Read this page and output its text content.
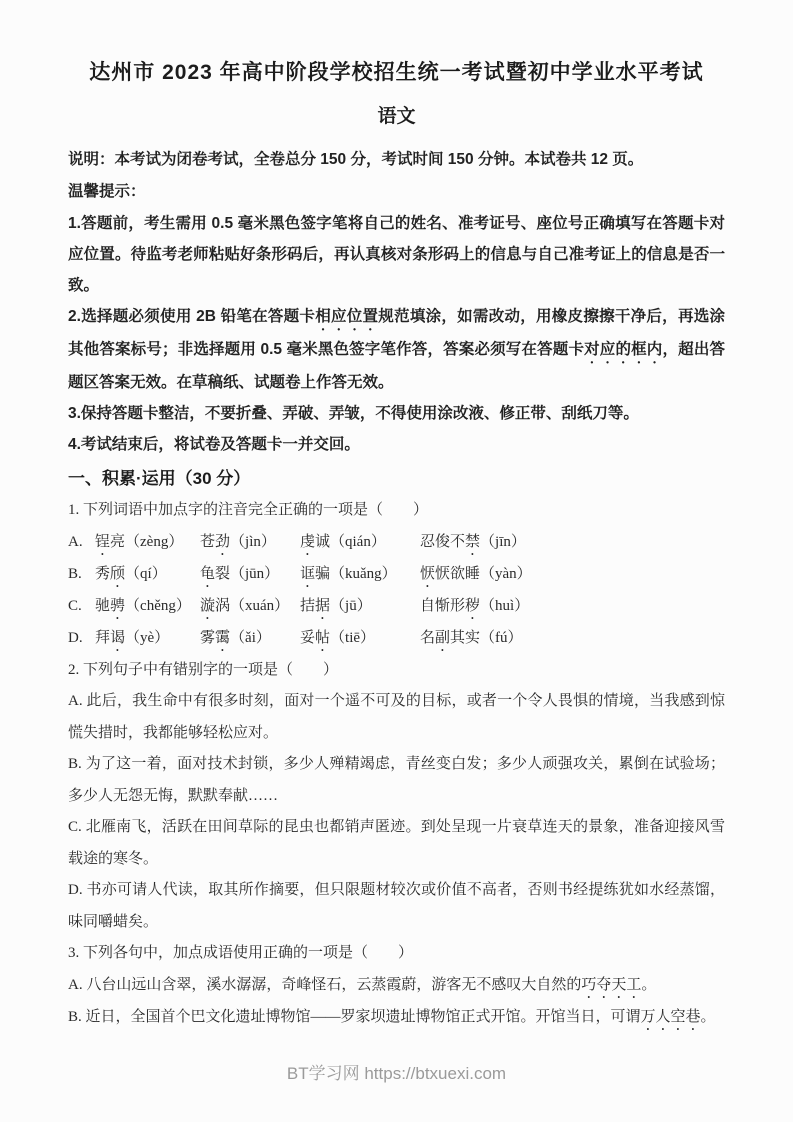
达州市 2023 年高中阶段学校招生统一考试暨初中学业水平考试
语文

说明：本考试为闭卷考试，全卷总分 150 分，考试时间 150 分钟。本试卷共 12 页。

温馨提示：

1.答题前，考生需用 0.5 毫米黑色签字笔将自己的姓名、准考证号、座位号正确填写在答题卡对应位置。待监考老师粘贴好条形码后，再认真核对条形码上的信息与自己准考证上的信息是否一致。

2.选择题必须使用 2B 铅笔在答题卡相应位置规范填涂，如需改动，用橡皮擦擦干净后，再选涂其他答案标号；非选择题用 0.5 毫米黑色签字笔作答，答案必须写在答题卡对应的框内，超出答题区答案无效。在草稿纸、试题卷上作答无效。

3.保持答题卡整洁，不要折叠、弄破、弄皱，不得使用涂改液、修正带、刮纸刀等。

4.考试结束后，将试卷及答题卡一并交回。

一、积累·运用（30 分）

1. 下列词语中加点字的注音完全正确的一项是（　　）

A. 锃亮（zèng）	苍劲（jìn）	虔诚（qián）	忍俊不禁（jīn）
B. 秀颀（qí）	龟裂（jūn）	诓骗（kuǎng）	恹恹欲睡（yàn）
C. 驰骋（chěng） 漩涡（xuán） 拮据（jū）	自惭形秽（huì）
D. 拜谒（yè）	雾霭（ǎi）	妥帖（tiē）	名副其实（fú）

2. 下列句子中有错别字的一项是（　　）

A. 此后，我生命中有很多时刻，面对一个遥不可及的目标，或者一个令人畏惧的情境，当我感到惊慌失措时，我都能够轻松应对。

B. 为了这一着，面对技术封锁，多少人殚精竭虑，青丝变白发；多少人顽强攻关，累倒在试验场；多少人无怨无悔，默默奉献……

C. 北雁南飞，活跃在田间草际的昆虫也都销声匿迹。到处呈现一片衰草连天的景象，准备迎接风雪载途的寒冬。

D. 书亦可请人代读，取其所作摘要，但只限题材较次或价值不高者，否则书经提练犹如水经蒸馏，味同嚼蜡矣。

3. 下列各句中，加点成语使用正确的一项是（　　）

A. 八台山远山含翠，溪水潺潺，奇峰怪石，云蒸霞蔚，游客无不感叹大自然的巧夺天工。

B. 近日，全国首个巴文化遗址博物馆——罗家坝遗址博物馆正式开馆。开馆当日，可谓万人空巷。

BT学习网 https://btxuexi.com
